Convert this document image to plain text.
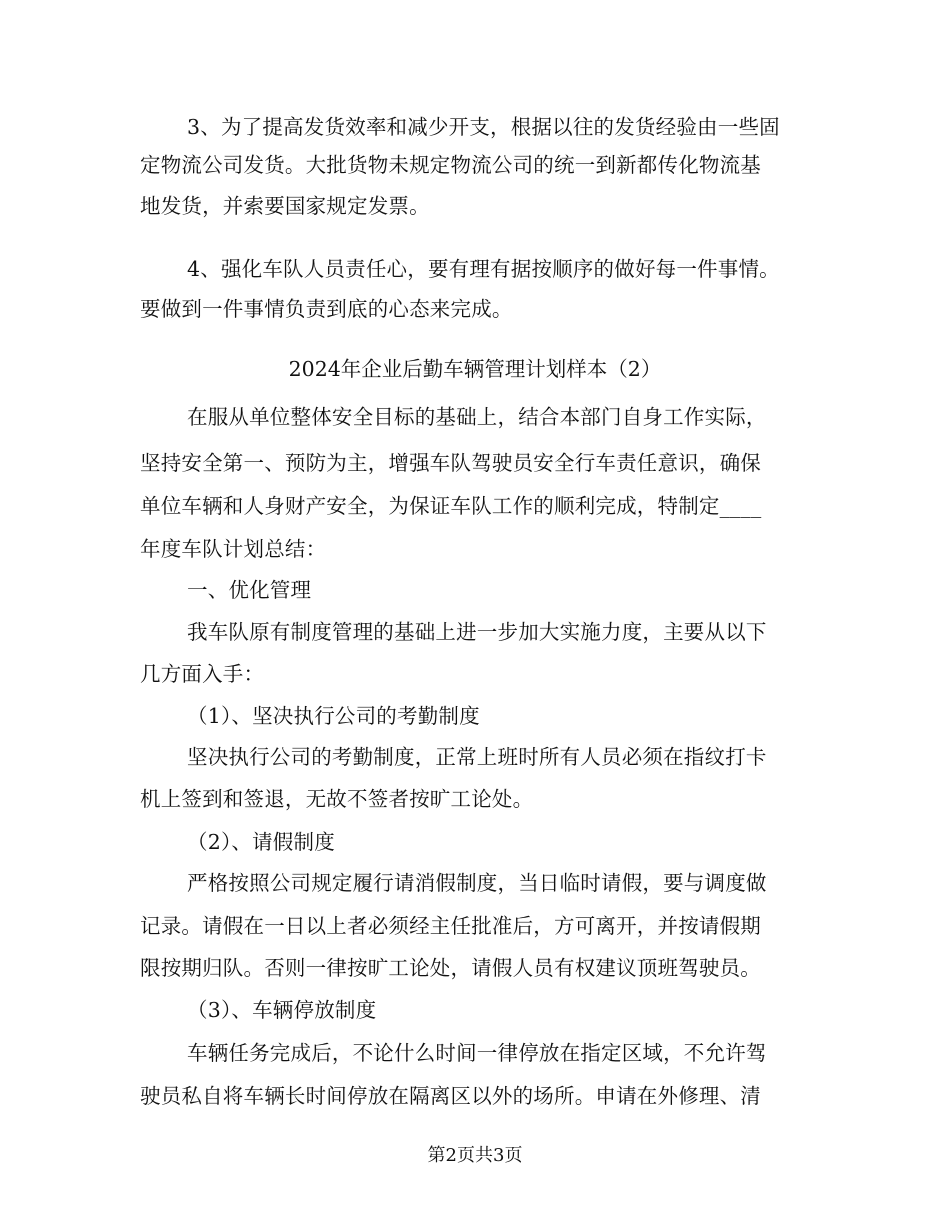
3、为了提高发货效率和减少开支，根据以往的发货经验由一些固
定物流公司发货。大批货物未规定物流公司的统一到新都传化物流基
地发货，并索要国家规定发票。
4、强化车队人员责任心，要有理有据按顺序的做好每一件事情。
要做到一件事情负责到底的心态来完成。
2024年企业后勤车辆管理计划样本（2）
在服从单位整体安全目标的基础上，结合本部门自身工作实际，
坚持安全第一、预防为主，增强车队驾驶员安全行车责任意识，确保
单位车辆和人身财产安全，为保证车队工作的顺利完成，特制定____
年度车队计划总结：
一、优化管理
我车队原有制度管理的基础上进一步加大实施力度，主要从以下
几方面入手：
（1）、坚决执行公司的考勤制度
坚决执行公司的考勤制度，正常上班时所有人员必须在指纹打卡
机上签到和签退，无故不签者按旷工论处。
（2）、请假制度
严格按照公司规定履行请消假制度，当日临时请假，要与调度做
记录。请假在一日以上者必须经主任批准后，方可离开，并按请假期
限按期归队。否则一律按旷工论处，请假人员有权建议顶班驾驶员。
（3）、车辆停放制度
车辆任务完成后，不论什么时间一律停放在指定区域，不允许驾
驶员私自将车辆长时间停放在隔离区以外的场所。申请在外修理、清
第2页共3页
